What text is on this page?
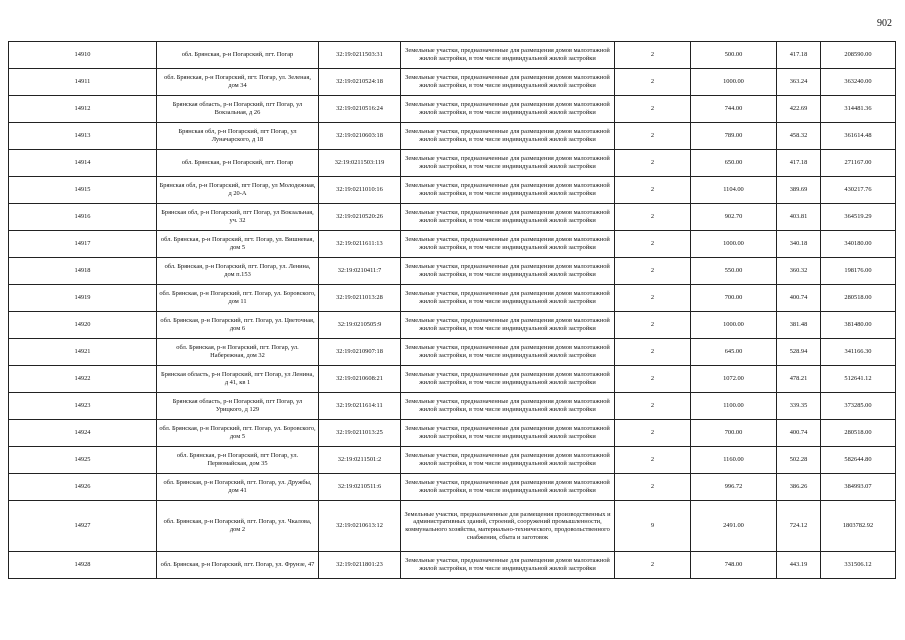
902
14910	обл. Брянская, р-н Погарский, пгт. Погар	32:19:0211503:31	Земельные участки, предназначенные для размещения домов малоэтажной жилой застройки, в том числе индивидуальной жилой застройки	2	500.00	417.18	208590.00
14911	обл. Брянская, р-н Погарский, пгт. Погар, ул. Зеленая, дом 34	32:19:0210524:18	Земельные участки, предназначенные для размещения домов малоэтажной жилой застройки, в том числе индивидуальной жилой застройки	2	1000.00	363.24	363240.00
14912	Брянская область, р-н Погарский, пгт Погар, ул Вокзальная, д 26	32:19:0210516:24	Земельные участки, предназначенные для размещения домов малоэтажной жилой застройки, в том числе индивидуальной жилой застройки	2	744.00	422.69	314481.36
14913	Брянская обл, р-н Погарский, пгт Погар, ул Луначарского, д 18	32:19:0210603:18	Земельные участки, предназначенные для размещения домов малоэтажной жилой застройки, в том числе индивидуальной жилой застройки	2	789.00	458.32	361614.48
14914	обл. Брянская, р-н Погарский, пгт. Погар	32:19:0211503:119	Земельные участки, предназначенные для размещения домов малоэтажной жилой застройки, в том числе индивидуальной жилой застройки	2	650.00	417.18	271167.00
14915	Брянская обл, р-н Погарский, пгт Погар, ул Молодежная, д 20-А	32:19:0211010:16	Земельные участки, предназначенные для размещения домов малоэтажной жилой застройки, в том числе индивидуальной жилой застройки	2	1104.00	389.69	430217.76
14916	Брянская обл, р-н Погарский, пгт Погар, ул Вокзальная, уч. 32	32:19:0210520:26	Земельные участки, предназначенные для размещения домов малоэтажной жилой застройки, в том числе индивидуальной жилой застройки	2	902.70	403.81	364519.29
14917	обл. Брянская, р-н Погарский, пгт. Погар, ул. Вишневая, дом 5	32:19:0211611:13	Земельные участки, предназначенные для размещения домов малоэтажной жилой застройки, в том числе индивидуальной жилой застройки	2	1000.00	340.18	340180.00
14918	обл. Брянская, р-н Погарский, пгт. Погар, ул. Ленина, дом п.153	32:19:0210411:7	Земельные участки, предназначенные для размещения домов малоэтажной жилой застройки, в том числе индивидуальной жилой застройки	2	550.00	360.32	198176.00
14919	обл. Брянская, р-н Погарский, пгт. Погар, ул. Боровского, дом 11	32:19:0211013:28	Земельные участки, предназначенные для размещения домов малоэтажной жилой застройки, в том числе индивидуальной жилой застройки	2	700.00	400.74	280518.00
14920	обл. Брянская, р-н Погарский, пгт. Погар, ул. Цветочная, дом 6	32:19:0210505:9	Земельные участки, предназначенные для размещения домов малоэтажной жилой застройки, в том числе индивидуальной жилой застройки	2	1000.00	381.48	381480.00
14921	обл. Брянская, р-н Погарский, пгт. Погар, ул. Набережная, дом 32	32:19:0210907:18	Земельные участки, предназначенные для размещения домов малоэтажной жилой застройки, в том числе индивидуальной жилой застройки	2	645.00	528.94	341166.30
14922	Брянская область, р-н Погарский, пгт Погар, ул Ленина, д 41, кв 1	32:19:0210608:21	Земельные участки, предназначенные для размещения домов малоэтажной жилой застройки, в том числе индивидуальной жилой застройки	2	1072.00	478.21	512641.12
14923	Брянская область, р-н Погарский, пгт Погар, ул Урицкого, д 129	32:19:0211614:11	Земельные участки, предназначенные для размещения домов малоэтажной жилой застройки, в том числе индивидуальной жилой застройки	2	1100.00	339.35	373285.00
14924	обл. Брянская, р-н Погарский, пгт. Погар, ул. Боровского, дом 5	32:19:0211013:25	Земельные участки, предназначенные для размещения домов малоэтажной жилой застройки, в том числе индивидуальной жилой застройки	2	700.00	400.74	280518.00
14925	обл. Брянская, р-н Погарский, пгт Погар, ул. Первомайская, дом 35	32:19:0211501:2	Земельные участки, предназначенные для размещения домов малоэтажной жилой застройки, в том числе индивидуальной жилой застройки	2	1160.00	502.28	582644.80
14926	обл. Брянская, р-н Погарский, пгт. Погар, ул. Дружбы, дом 41	32:19:0210511:6	Земельные участки, предназначенные для размещения домов малоэтажной жилой застройки, в том числе индивидуальной жилой застройки	2	996.72	386.26	384993.07
14927	обл. Брянская, р-н Погарский, пгт. Погар, ул. Чкалова, дом 2	32:19:0210613:12	Земельные участки, предназначенные для размещения производственных и административных зданий, строений, сооружений промышленности, коммунального хозяйства, материально-технического, продовольственного снабжения, сбыта и заготовок	9	2491.00	724.12	1803782.92
14928	обл. Брянская, р-н Погарский, пгт. Погар, ул. Фрунзе, 47	32:19:0211801:23	Земельные участки, предназначенные для размещения домов малоэтажной жилой застройки, в том числе индивидуальной жилой застройки	2	748.00	443.19	331506.12
